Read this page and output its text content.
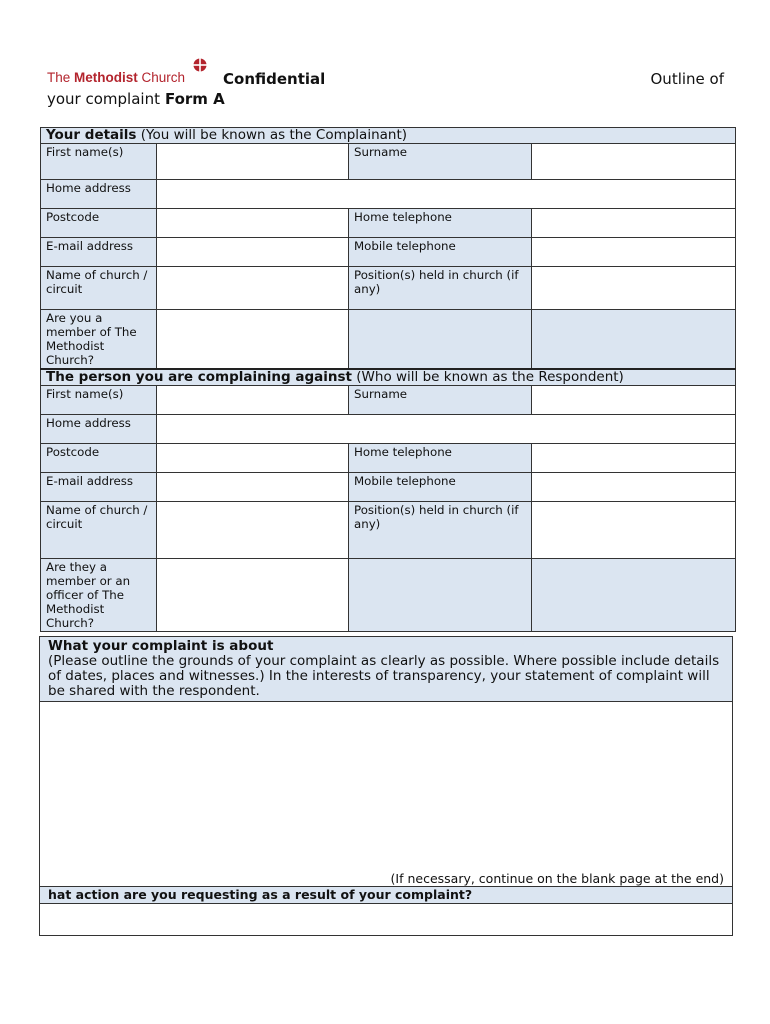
The Methodist Church	Confidential	Outline of
your complaint Form A
Your details (You will be known as the Complainant)			
First name(s)		Surname	
Home address			
Postcode		Home telephone	
E-mail address		Mobile telephone	
Name of church / circuit		Position(s) held in church (if any)	
Are you a member of The Methodist Church?			
The person you are complaining against (Who will be known as the Respondent)			
First name(s)		Surname	
Home address			
Postcode		Home telephone	
E-mail address		Mobile telephone	
Name of church / circuit		Position(s) held in church (if any)	
Are they a member or an officer of The Methodist Church?			
What your complaint is about
(Please outline the grounds of your complaint as clearly as possible. Where possible include details of dates, places and witnesses.) In the interests of transparency, your statement of complaint will be shared with the respondent.
(If necessary, continue on the blank page at the end)
hat action are you requesting as a result of your complaint?
